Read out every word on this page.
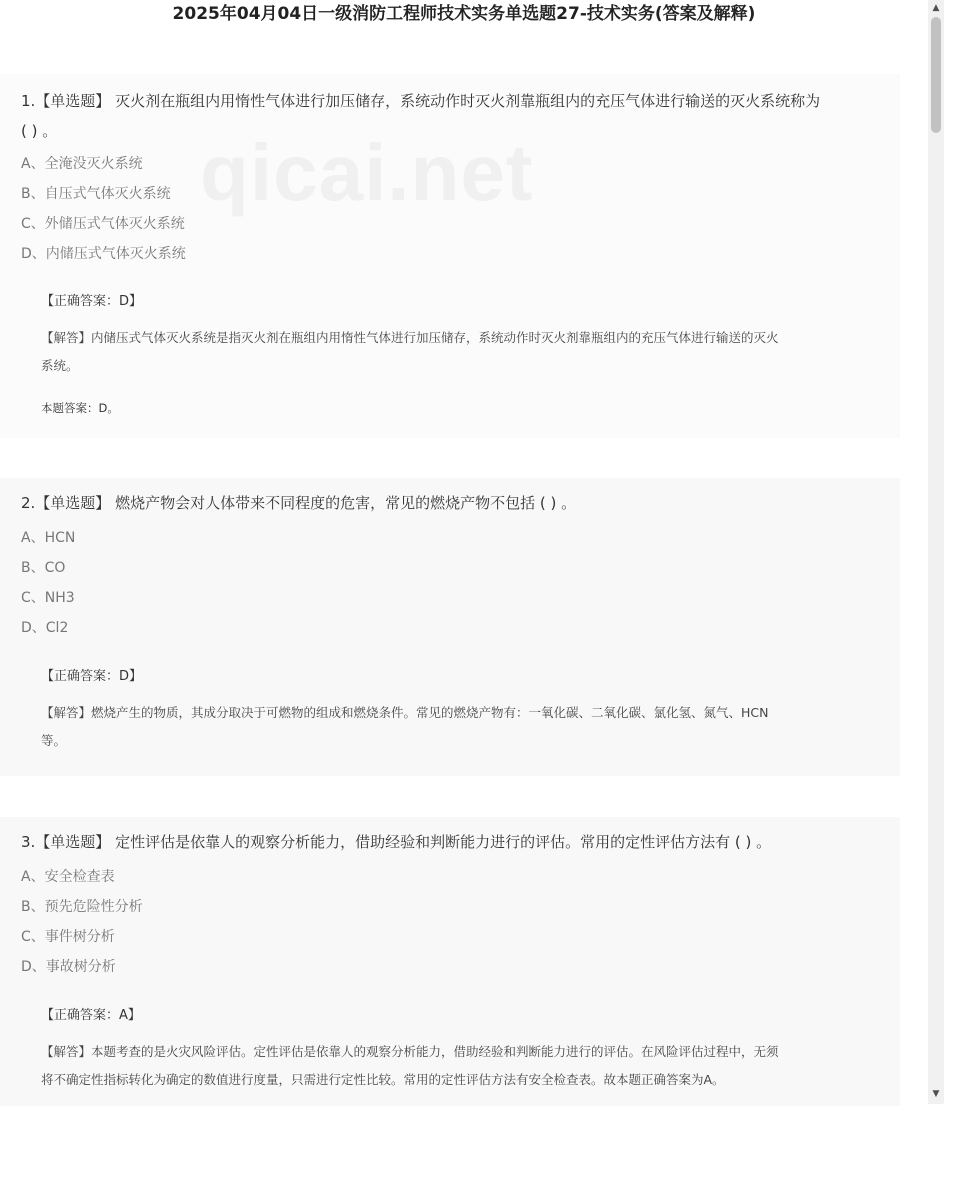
2025年04月04日一级消防工程师技术实务单选题27-技术实务(答案及解释)
1.【单选题】 灭火剂在瓶组内用惰性气体进行加压储存，系统动作时灭火剂靠瓶组内的充压气体进行输送的灭火系统称为
( ) 。
A、全淹没灭火系统
B、自压式气体灭火系统
C、外储压式气体灭火系统
D、内储压式气体灭火系统
【正确答案：D】
【解答】内储压式气体灭火系统是指灭火剂在瓶组内用惰性气体进行加压储存，系统动作时灭火剂靠瓶组内的充压气体进行输送的灭火
系统。
本题答案：D。
2.【单选题】 燃烧产物会对人体带来不同程度的危害，常见的燃烧产物不包括 ( ) 。
A、HCN
B、CO
C、NH3
D、Cl2
【正确答案：D】
【解答】燃烧产生的物质，其成分取决于可燃物的组成和燃烧条件。常见的燃烧产物有：一氧化碳、二氧化碳、氯化氢、氮气、HCN
等。
3.【单选题】 定性评估是依靠人的观察分析能力，借助经验和判断能力进行的评估。常用的定性评估方法有 ( ) 。
A、安全检查表
B、预先危险性分析
C、事件树分析
D、事故树分析
【正确答案：A】
【解答】本题考查的是火灾风险评估。定性评估是依靠人的观察分析能力，借助经验和判断能力进行的评估。在风险评估过程中，无须
将不确定性指标转化为确定的数值进行度量，只需进行定性比较。常用的定性评估方法有安全检查表。故本题正确答案为A。
▲
▼
